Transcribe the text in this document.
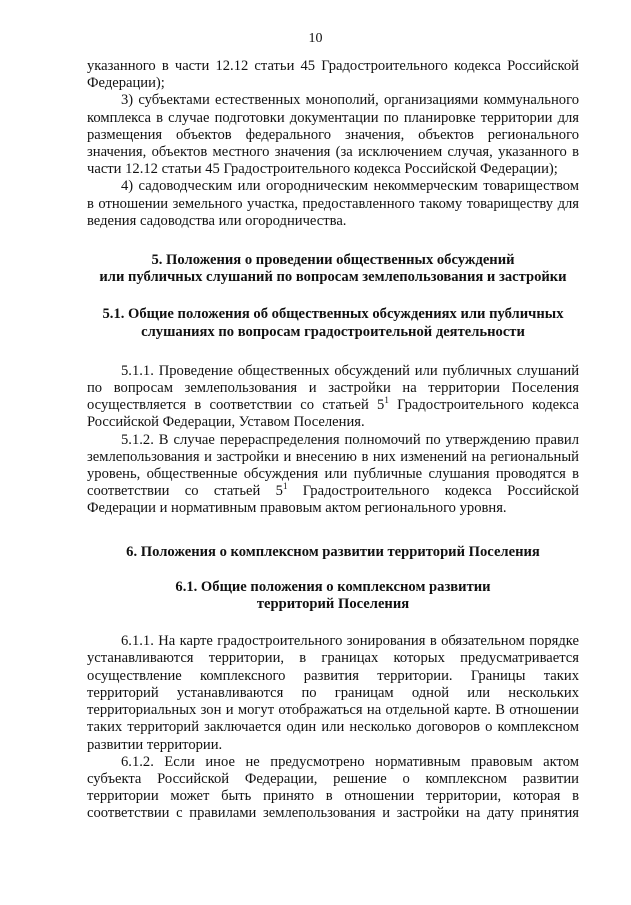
10

указанного в части 12.12 статьи 45 Градостроительного кодекса Российской Федерации);

3) субъектами естественных монополий, организациями коммунального комплекса в случае подготовки документации по планировке территории для размещения объектов федерального значения, объектов регионального значения, объектов местного значения (за исключением случая, указанного в части 12.12 статьи 45 Градостроительного кодекса Российской Федерации);

4) садоводческим или огородническим некоммерческим товариществом в отношении земельного участка, предоставленного такому товариществу для ведения садоводства или огородничества.

5. Положения о проведении общественных обсуждений
или публичных слушаний по вопросам землепользования и застройки
5.1. Общие положения об общественных обсуждениях или публичных
слушаниях по вопросам градостроительной деятельности

5.1.1. Проведение общественных обсуждений или публичных слушаний по вопросам землепользования и застройки на территории Поселения осуществляется в соответствии со статьей $5^1$ Градостроительного кодекса Российской Федерации, Уставом Поселения.

5.1.2. В случае перераспределения полномочий по утверждению правил землепользования и застройки и внесению в них изменений на региональный уровень, общественные обсуждения или публичные слушания проводятся в соответствии со статьей $5^1$ Градостроительного кодекса Российской Федерации и нормативным правовым актом регионального уровня.

6. Положения о комплексном развитии территорий Поселения
6.1. Общие положения о комплексном развитии
территорий Поселения

6.1.1. На карте градостроительного зонирования в обязательном порядке устанавливаются территории, в границах которых предусматривается осуществление комплексного развития территории. Границы таких территорий устанавливаются по границам одной или нескольких территориальных зон и могут отображаться на отдельной карте. В отношении таких территорий заключается один или несколько договоров о комплексном развитии территории.

6.1.2. Если иное не предусмотрено нормативным правовым актом субъекта Российской Федерации, решение о комплексном развитии территории может быть принято в отношении территории, которая в соответствии с правилами землепользования и застройки на дату принятия
